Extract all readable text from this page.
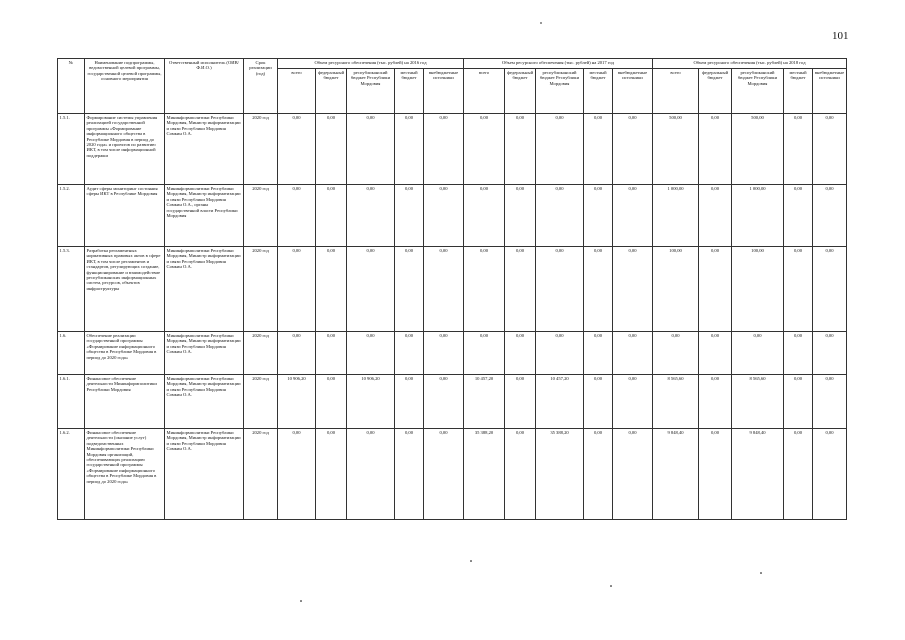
101
№	Наименование подпрограммы, ведомственной целевой программы, государственной целевой программы, основного мероприятия	Ответственный исполнитель (ОИВ/Ф.И.О.)	Срок реализации (год)	Объем ресурсного обеспечения (тыс. рублей) на 2016 год					Объем ресурсного обеспечения (тыс. рублей) на 2017 год					Объем ресурсного обеспечения (тыс. рублей) на 2018 год				
				всего	федеральный бюджет	республиканский бюджет Республики Мордовия	местный бюджет	внебюджетные источники	всего	федеральный бюджет	республиканский бюджет Республики Мордовия	местный бюджет	внебюджетные источники	всего	федеральный бюджет	республиканский бюджет Республики Мордовия	местный бюджет	внебюджетные источники
1.5.1.	Формирование системы управления реализацией государственной программы «Формирование информационного общества в Республике Мордовия в период до 2020 года» и проектов по развитию ИКТ, в том числе информационной поддержки	Мининформполитики Республики Мордовия, Министр информатизации и связи Республики Мордовия Сомкин О.А.	2020 год	0,00	0,00	0,00	0,00	0,00	0,00	0,00	0,00	0,00	0,00	500,00	0,00	500,00	0,00	0,00
1.5.2.	Аудит сферы мониторинг состояния сферы ИКТ в Республике Мордовия	Мининформполитики Республики Мордовия, Министр информатизации и связи Республики Мордовия Сомкин О.А., органы государственной власти Республики Мордовия	2020 год	0,00	0,00	0,00	0,00	0,00	0,00	0,00	0,00	0,00	0,00	1 000,00	0,00	1 000,00	0,00	0,00
1.5.3.	Разработка регламентных нормативных правовых актов в сфере ИКТ, в том числе регламентов и стандартов, регулирующих создание, функционирование и взаимодействие республиканских информационных систем, ресурсов, объектов инфраструктуры	Мининформполитики Республики Мордовия, Министр информатизации и связи Республики Мордовия Сомкин О.А.	2020 год	0,00	0,00	0,00	0,00	0,00	0,00	0,00	0,00	0,00	0,00	100,00	0,00	100,00	0,00	0,00
1.6.	Обеспечение реализации государственной программы «Формирование информационного общества в Республике Мордовия в период до 2020 года»	Мининформполитики Республики Мордовия, Министр информатизации и связи Республики Мордовия Сомкин О.А.	2020 год	0,00	0,00	0,00	0,00	0,00	0,00	0,00	0,00	0,00	0,00	0,00	0,00	0,00	0,00	0,00
1.6.1.	Финансовое обеспечение деятельности Мининформполитики Республики Мордовия	Мининформполитики Республики Мордовия, Министр информатизации и связи Республики Мордовия Сомкин О.А.	2020 год	10 906,20	0,00	10 906,20	0,00	0,00	10 457,20	0,00	10 457,20	0,00	0,00	8 565,60	0,00	8 565,60	0,00	0,00
1.6.2.	Финансовое обеспечение деятельности (оказание услуг) подведомственных Мининформполитики Республики Мордовия организаций, обеспечивающих реализацию государственной программы «Формирование информационного общества в Республике Мордовия в период до 2020 года»	Мининформполитики Республики Мордовия, Министр информатизации и связи Республики Мордовия Сомкин О.А.	2020 год	0,00	0,00	0,00	0,00	0,00	35 388,20	0,00	35 388,20	0,00	0,00	9 848,40	0,00	9 848,40	0,00	0,00
